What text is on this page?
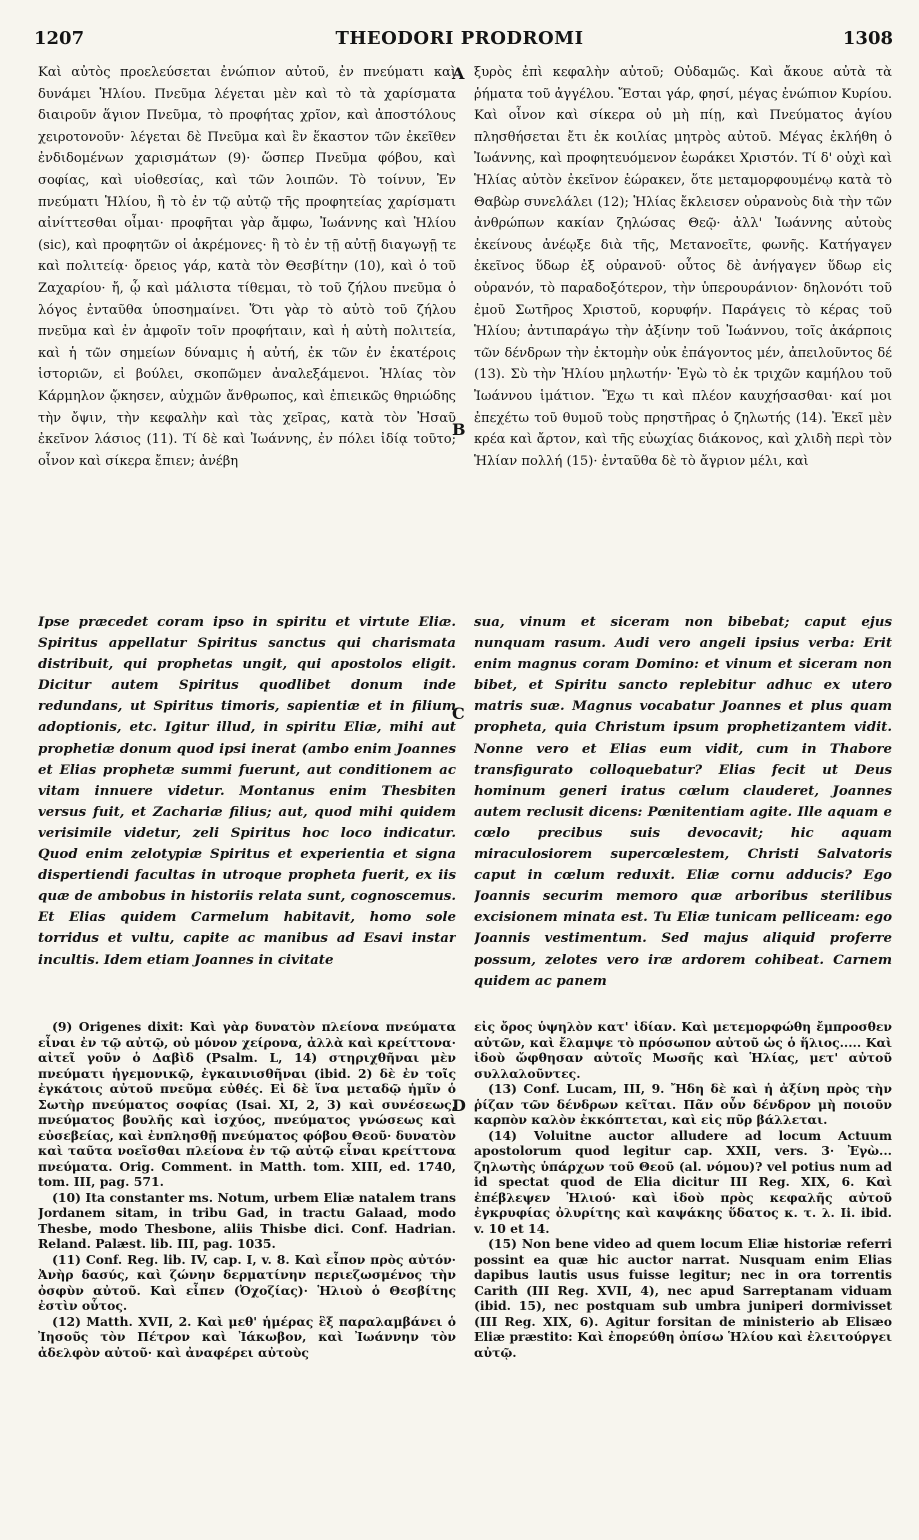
1207	THEODORI PRODROMI	1308
A
B
C
D

Καὶ αὐτὸς προελεύσεται ἐνώπιον αὐτοῦ, ἐν πνεύματι καὶ δυνάμει Ἡλίου. Πνεῦμα λέγεται μὲν καὶ τὸ τὰ χαρίσματα διαιροῦν ἅγιον Πνεῦμα, τὸ προφήτας χρῖον, καὶ ἀποστόλους χειροτονοῦν· λέγεται δὲ Πνεῦμα καὶ ἓν ἕκαστον τῶν ἐκεῖθεν ἐνδιδομένων χαρισμάτων (9)· ὥσπερ Πνεῦμα φόβου, καὶ σοφίας, καὶ υἱοθεσίας, καὶ τῶν λοιπῶν. Τὸ τοίνυν, Ἐν πνεύματι Ἡλίου, ἢ τὸ ἐν τῷ αὐτῷ τῆς προφητείας χαρίσματι αἰνίττεσθαι οἶμαι· προφῆται γὰρ ἄμφω, Ἰωάννης καὶ Ἡλίου (sic), καὶ προφητῶν οἱ ἀκρέμονες· ἢ τὸ ἐν τῇ αὐτῇ διαγωγῇ τε καὶ πολιτείᾳ· ὄρειος γάρ, κατὰ τὸν Θεσβίτην (10), καὶ ὁ τοῦ Ζαχαρίου· ἤ, ᾧ καὶ μάλιστα τίθεμαι, τὸ τοῦ ζήλου πνεῦμα ὁ λόγος ἐνταῦθα ὑποσημαίνει. Ὅτι γὰρ τὸ αὐτὸ τοῦ ζήλου πνεῦμα καὶ ἐν ἀμφοῖν τοῖν προφήταιν, καὶ ἡ αὐτὴ πολιτεία, καὶ ἡ τῶν σημείων δύναμις ἡ αὐτή, ἐκ τῶν ἐν ἑκατέροις ἱστοριῶν, εἰ βούλει, σκοπῶμεν ἀναλεξάμενοι. Ἡλίας τὸν Κάρμηλον ᾤκησεν, αὐχμῶν ἄνθρωπος, καὶ ἐπιεικῶς θηριώδης τὴν ὄψιν, τὴν κεφαλὴν καὶ τὰς χεῖρας, κατὰ τὸν Ἠσαῦ ἐκεῖνον λάσιος (11). Τί δὲ καὶ Ἰωάννης, ἐν πόλει ἰδίᾳ τοῦτο; οἶνον καὶ σίκερα ἔπιεν; ἀνέβη

ξυρὸς ἐπὶ κεφαλὴν αὐτοῦ; Οὐδαμῶς. Καὶ ἄκουε αὐτὰ τὰ ῥήματα τοῦ ἀγγέλου. Ἔσται γάρ, φησί, μέγας ἐνώπιον Κυρίου. Καὶ οἶνον καὶ σίκερα οὐ μὴ πίῃ, καὶ Πνεύματος ἁγίου πλησθήσεται ἔτι ἐκ κοιλίας μητρὸς αὐτοῦ. Μέγας ἐκλήθη ὁ Ἰωάννης, καὶ προφητευόμενον ἑωράκει Χριστόν. Τί δ' οὐχὶ καὶ Ἡλίας αὐτὸν ἐκεῖνον ἑώρακεν, ὅτε μεταμορφουμένῳ κατὰ τὸ Θαβὼρ συνελάλει (12); Ἡλίας ἔκλεισεν οὐρανοὺς διὰ τὴν τῶν ἀνθρώπων κακίαν ζηλώσας Θεῷ· ἀλλ' Ἰωάννης αὐτοὺς ἐκείνους ἀνέῳξε διὰ τῆς, Μετανοεῖτε, φωνῆς. Κατήγαγεν ἐκεῖνος ὕδωρ ἐξ οὐρανοῦ· οὗτος δὲ ἀνήγαγεν ὕδωρ εἰς οὐρανόν, τὸ παραδοξότερον, τὴν ὑπερουράνιον· δηλονότι τοῦ ἐμοῦ Σωτῆρος Χριστοῦ, κορυφήν. Παράγεις τὸ κέρας τοῦ Ἡλίου; ἀντιπαράγω τὴν ἀξίνην τοῦ Ἰωάννου, τοῖς ἀκάρποις τῶν δένδρων τὴν ἐκτομὴν οὐκ ἐπάγοντος μέν, ἀπειλοῦντος δέ (13). Σὺ τὴν Ἡλίου μηλωτήν· Ἐγὼ τὸ ἐκ τριχῶν καμήλου τοῦ Ἰωάννου ἱμάτιον. Ἔχω τι καὶ πλέον καυχήσασθαι· καί μοι ἐπεχέτω τοῦ θυμοῦ τοὺς πρηστῆρας ὁ ζηλωτής (14). Ἐκεῖ μὲν κρέα καὶ ἄρτον, καὶ τῆς εὐωχίας διάκονος, καὶ χλιδὴ περὶ τὸν Ἡλίαν πολλή (15)· ἐνταῦθα δὲ τὸ ἄγριον μέλι, καὶ

Ipse præcedet coram ipso in spiritu et virtute Eliæ. Spiritus appellatur Spiritus sanctus qui charismata distribuit, qui prophetas ungit, qui apostolos eligit. Dicitur autem Spiritus quodlibet donum inde redundans, ut Spiritus timoris, sapientiæ et in filium adoptionis, etc. Igitur illud, in spiritu Eliæ, mihi aut prophetiæ donum quod ipsi inerat (ambo enim Joannes et Elias prophetæ summi fuerunt, aut conditionem ac vitam innuere videtur. Montanus enim Thesbiten versus fuit, et Zachariæ filius; aut, quod mihi quidem verisimile videtur, zeli Spiritus hoc loco indicatur. Quod enim zelotypiæ Spiritus et experientia et signa dispertiendi facultas in utroque propheta fuerit, ex iis quæ de ambobus in historiis relata sunt, cognoscemus. Et Elias quidem Carmelum habitavit, homo sole torridus et vultu, capite ac manibus ad Esavi instar incultis. Idem etiam Joannes in civitate

sua, vinum et siceram non bibebat; caput ejus nunquam rasum. Audi vero angeli ipsius verba: Erit enim magnus coram Domino: et vinum et siceram non bibet, et Spiritu sancto replebitur adhuc ex utero matris suæ. Magnus vocabatur Joannes et plus quam propheta, quia Christum ipsum prophetizantem vidit. Nonne vero et Elias eum vidit, cum in Thabore transfigurato colloquebatur? Elias fecit ut Deus hominum generi iratus cœlum clauderet, Joannes autem reclusit dicens: Pœnitentiam agite. Ille aquam e cœlo precibus suis devocavit; hic aquam miraculosiorem supercœlestem, Christi Salvatoris caput in cœlum reduxit. Eliæ cornu adducis? Ego Joannis securim memoro quæ arboribus sterilibus excisionem minata est. Tu Eliæ tunicam pelliceam: ego Joannis vestimentum. Sed majus aliquid proferre possum, zelotes vero iræ ardorem cohibeat. Carnem quidem ac panem

(9) Origenes dixit: Καὶ γὰρ δυνατὸν πλείονα πνεύματα εἶναι ἐν τῷ αὐτῷ, οὐ μόνον χείρονα, ἀλλὰ καὶ κρείττονα· αἰτεῖ γοῦν ὁ Δαβὶδ (Psalm. L, 14) στηριχθῆναι μὲν πνεύματι ἡγεμονικῷ, ἐγκαινισθῆναι (ibid. 2) δὲ ἐν τοῖς ἐγκάτοις αὐτοῦ πνεῦμα εὐθές. Εἰ δὲ ἵνα μεταδῷ ἡμῖν ὁ Σωτὴρ πνεύματος σοφίας (Isai. XI, 2, 3) καὶ συνέσεως, πνεύματος βουλῆς καὶ ἰσχύος, πνεύματος γνώσεως καὶ εὐσεβείας, καὶ ἐνπλησθῇ πνεύματος φόβου Θεοῦ· δυνατὸν καὶ ταῦτα νοεῖσθαι πλείονα ἐν τῷ αὐτῷ εἶναι κρείττονα πνεύματα. Orig. Comment. in Matth. tom. XIII, ed. 1740, tom. III, pag. 571.

(10) Ita constanter ms. Notum, urbem Eliæ natalem trans Jordanem sitam, in tribu Gad, in tractu Galaad, modo Thesbe, modo Thesbone, aliis Thisbe dici. Conf. Hadrian. Reland. Palæst. lib. III, pag. 1035.

(11) Conf. Reg. lib. IV, cap. I, v. 8. Καὶ εἶπον πρὸς αὐτόν· Ἀνὴρ δασύς, καὶ ζώνην δερματίνην περιεζωσμένος τὴν ὀσφὺν αὐτοῦ. Καὶ εἶπεν (Ὀχοζίας)· Ἡλιοὺ ὁ Θεσβίτης ἐστὶν οὗτος.

(12) Matth. XVII, 2. Καὶ μεθ' ἡμέρας ἓξ παραλαμβάνει ὁ Ἰησοῦς τὸν Πέτρον καὶ Ἰάκωβον, καὶ Ἰωάννην τὸν ἀδελφὸν αὐτοῦ· καὶ ἀναφέρει αὐτοὺς

εἰς ὄρος ὑψηλὸν κατ' ἰδίαν. Καὶ μετεμορφώθη ἔμπροσθεν αὐτῶν, καὶ ἔλαμψε τὸ πρόσωπον αὐτοῦ ὡς ὁ ἥλιος..... Καὶ ἰδοὺ ὤφθησαν αὐτοῖς Μωσῆς καὶ Ἡλίας, μετ' αὐτοῦ συλλαλοῦντες.

(13) Conf. Lucam, III, 9. Ἤδη δὲ καὶ ἡ ἀξίνη πρὸς τὴν ῥίζαν τῶν δένδρων κεῖται. Πᾶν οὖν δένδρον μὴ ποιοῦν καρπὸν καλὸν ἐκκόπτεται, καὶ εἰς πῦρ βάλλεται.

(14) Voluitne auctor alludere ad locum Actuum apostolorum quod legitur cap. XXII, vers. 3· Ἐγὼ... ζηλωτὴς ὑπάρχων τοῦ Θεοῦ (al. νόμου)? vel potius num ad id spectat quod de Elia dicitur III Reg. XIX, 6. Καὶ ἐπέβλεψεν Ἡλιού· καὶ ἰδοὺ πρὸς κεφαλῆς αὐτοῦ ἐγκρυφίας ὀλυρίτης καὶ καψάκης ὕδατος κ. τ. λ. Ii. ibid. v. 10 et 14.

(15) Non bene video ad quem locum Eliæ historiæ referri possint ea quæ hic auctor narrat. Nusquam enim Elias dapibus lautis usus fuisse legitur; nec in ora torrentis Carith (III Reg. XVII, 4), nec apud Sarreptanam viduam (ibid. 15), nec postquam sub umbra juniperi dormivisset (III Reg. XIX, 6). Agitur forsitan de ministerio ab Elisæo Eliæ præstito: Καὶ ἐπορεύθη ὀπίσω Ἡλίου καὶ ἐλειτούργει αὐτῷ.
